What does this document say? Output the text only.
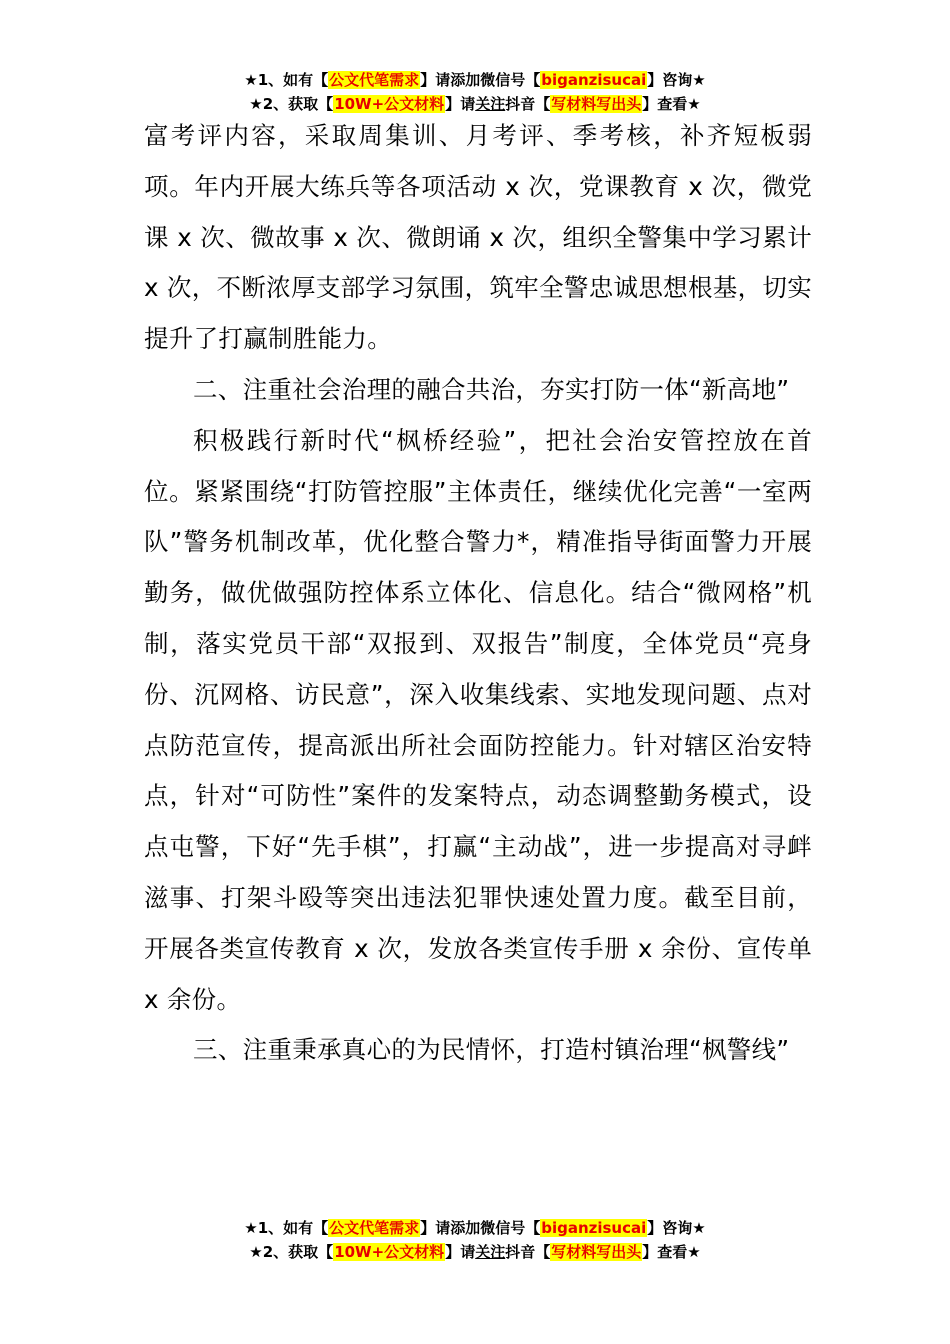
★1、如有【公文代笔需求】请添加微信号【biganzisucai】咨询★
★2、获取【10W+公文材料】请关注抖音【写材料写出头】查看★

富考评内容，采取周集训、月考评、季考核，补齐短板弱项。年内开展大练兵等各项活动 x 次，党课教育 x 次，微党课 x 次、微故事 x 次、微朗诵 x 次，组织全警集中学习累计 x 次，不断浓厚支部学习氛围，筑牢全警忠诚思想根基，切实提升了打赢制胜能力。

二、注重社会治理的融合共治，夯实打防一体“新高地”

积极践行新时代“枫桥经验”，把社会治安管控放在首位。紧紧围绕“打防管控服”主体责任，继续优化完善“一室两队”警务机制改革，优化整合警力*，精准指导街面警力开展勤务，做优做强防控体系立体化、信息化。结合“微网格”机制，落实党员干部“双报到、双报告”制度，全体党员“亮身份、沉网格、访民意”，深入收集线索、实地发现问题、点对点防范宣传，提高派出所社会面防控能力。针对辖区治安特点，针对“可防性”案件的发案特点，动态调整勤务模式，设点屯警，下好“先手棋”，打赢“主动战”，进一步提高对寻衅滋事、打架斗殴等突出违法犯罪快速处置力度。截至目前，开展各类宣传教育 x 次，发放各类宣传手册 x 余份、宣传单 x 余份。

三、注重秉承真心的为民情怀，打造村镇治理“枫警线”

★1、如有【公文代笔需求】请添加微信号【biganzisucai】咨询★
★2、获取【10W+公文材料】请关注抖音【写材料写出头】查看★
